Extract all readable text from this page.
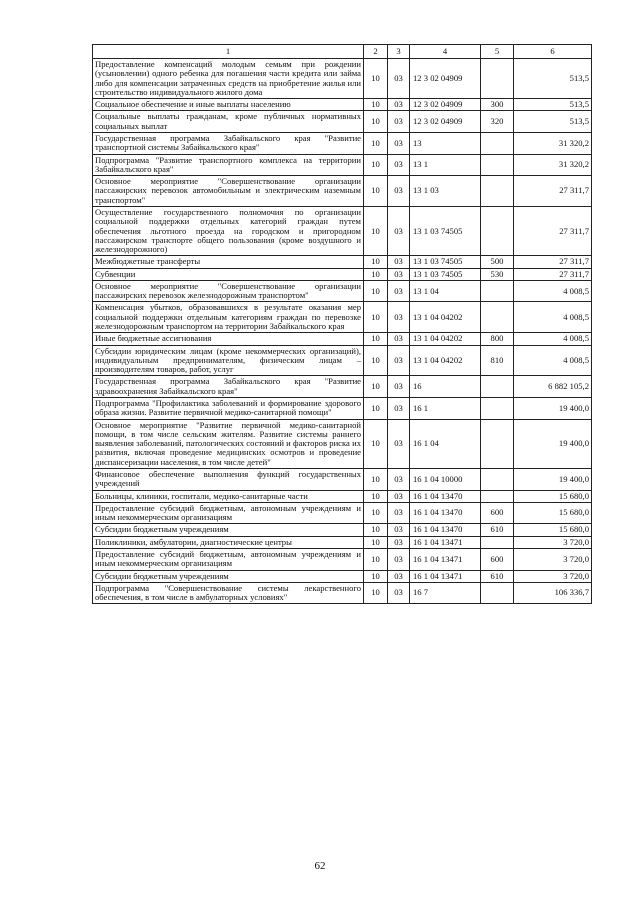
1	2	3	4	5	6
Предоставление компенсаций молодым семьям при рождении (усыновлении) одного ребенка для погашения части кредита или займа либо для компенсации затраченных средств на приобретение жилья или строительство индивидуального жилого дома	10	03	12 3 02 04909		513,5
Социальное обеспечение и иные выплаты населению	10	03	12 3 02 04909	300	513,5
Социальные выплаты гражданам, кроме публичных нормативных социальных выплат	10	03	12 3 02 04909	320	513,5
Государственная программа Забайкальского края "Развитие транспортной системы Забайкальского края"	10	03	13		31 320,2
Подпрограмма "Развитие транспортного комплекса на территории Забайкальского края"	10	03	13 1		31 320,2
Основное мероприятие "Совершенствование организации пассажирских перевозок автомобильным и электрическим наземным транспортом"	10	03	13 1 03		27 311,7
Осуществление государственного полномочия по организации социальной поддержки отдельных категорий граждан путем обеспечения льготного проезда на городском и пригородном пассажирском транспорте общего пользования (кроме воздушного и железнодорожного)	10	03	13 1 03 74505		27 311,7
Межбюджетные трансферты	10	03	13 1 03 74505	500	27 311,7
Субвенции	10	03	13 1 03 74505	530	27 311,7
Основное мероприятие "Совершенствование организации пассажирских перевозок железнодорожным транспортом"	10	03	13 1 04		4 008,5
Компенсация убытков, образовавшихся в результате оказания мер социальной поддержки отдельным категориям граждан по перевозке железнодорожным транспортом на территории Забайкальского края	10	03	13 1 04 04202		4 008,5
Иные бюджетные ассигнования	10	03	13 1 04 04202	800	4 008,5
Субсидии юридическим лицам (кроме некоммерческих организаций), индивидуальным предпринимателям, физическим лицам – производителям товаров, работ, услуг	10	03	13 1 04 04202	810	4 008,5
Государственная программа Забайкальского края "Развитие здравоохранения Забайкальского края"	10	03	16		6 882 105,2
Подпрограмма "Профилактика заболеваний и формирование здорового образа жизни. Развитие первичной медико-санитарной помощи"	10	03	16 1		19 400,0
Основное мероприятие "Развитие первичной медико-санитарной помощи, в том числе сельским жителям. Развитие системы раннего выявления заболеваний, патологических состояний и факторов риска их развития, включая проведение медицинских осмотров и проведение диспансеризации населения, в том числе детей"	10	03	16 1 04		19 400,0
Финансовое обеспечение выполнения функций государственных учреждений	10	03	16 1 04 10000		19 400,0
Больницы, клиники, госпитали, медико-санитарные части	10	03	16 1 04 13470		15 680,0
Предоставление субсидий бюджетным, автономным учреждениям и иным некоммерческим организациям	10	03	16 1 04 13470	600	15 680,0
Субсидии бюджетным учреждениям	10	03	16 1 04 13470	610	15 680,0
Поликлиники, амбулатории, диагностические центры	10	03	16 1 04 13471		3 720,0
Предоставление субсидий бюджетным, автономным учреждениям и иным некоммерческим организациям	10	03	16 1 04 13471	600	3 720,0
Субсидии бюджетным учреждениям	10	03	16 1 04 13471	610	3 720,0
Подпрограмма "Совершенствование системы лекарственного обеспечения, в том числе в амбулаторных условиях"	10	03	16 7		106 336,7
62
